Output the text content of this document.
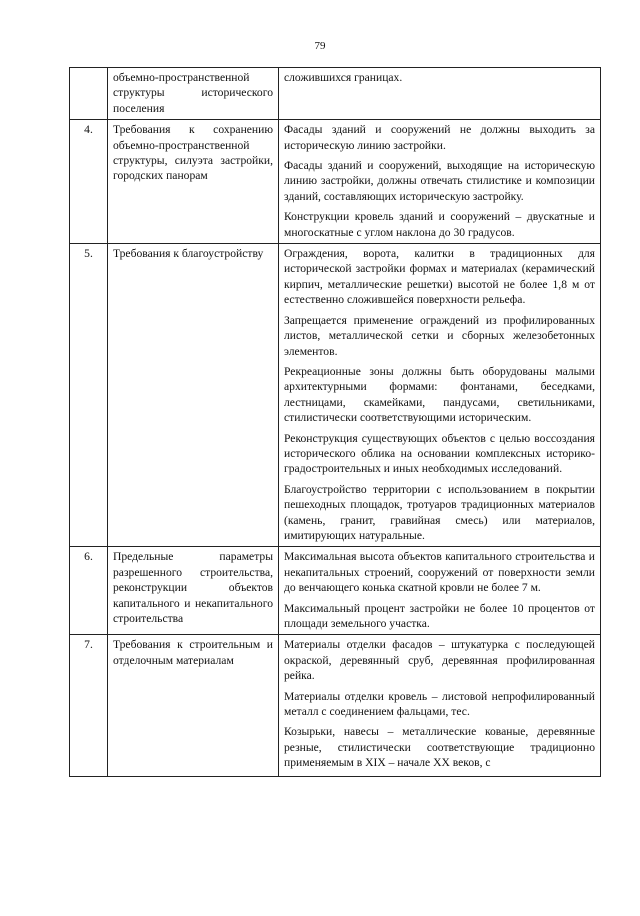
79
	объемно-пространственной структуры исторического поселения	сложившихся границах.

4.	Требования к сохранению объемно-пространственной структуры, силуэта застройки, городских панорам	Фасады зданий и сооружений не должны выходить за историческую линию застройки.

Фасады зданий и сооружений, выходящие на историческую линию застройки, должны отвечать стилистике и композиции зданий, составляющих историческую застройку.

Конструкции кровель зданий и сооружений – двускатные и многоскатные с углом наклона до 30 градусов.

5.	Требования к благоустройству	Ограждения, ворота, калитки в традиционных для исторической застройки формах и материалах (керамический кирпич, металлические решетки) высотой не более 1,8 м от естественно сложившейся поверхности рельефа.

Запрещается применение ограждений из профилированных листов, металлической сетки и сборных железобетонных элементов.

Рекреационные зоны должны быть оборудованы малыми архитектурными формами: фонтанами, беседками, лестницами, скамейками, пандусами, светильниками, стилистически соответствующими историческим.

Реконструкция существующих объектов с целью воссоздания исторического облика на основании комплексных историко-градостроительных и иных необходимых исследований.

Благоустройство территории с использованием в покрытии пешеходных площадок, тротуаров традиционных материалов (камень, гранит, гравийная смесь) или материалов, имитирующих натуральные.

6.	Предельные параметры разрешенного строительства, реконструкции объектов капитального и некапитального строительства	Максимальная высота объектов капитального строительства и некапитальных строений, сооружений от поверхности земли до венчающего конька скатной кровли не более 7 м.

Максимальный процент застройки не более 10 процентов от площади земельного участка.

7.	Требования к строительным и отделочным материалам	Материалы отделки фасадов – штукатурка с последующей окраской, деревянный сруб, деревянная профилированная рейка.

Материалы отделки кровель – листовой непрофилированный металл с соединением фальцами, тес.

Козырьки, навесы – металлические кованые, деревянные резные, стилистически соответствующие традиционно применяемым в XIX – начале XX веков, с
